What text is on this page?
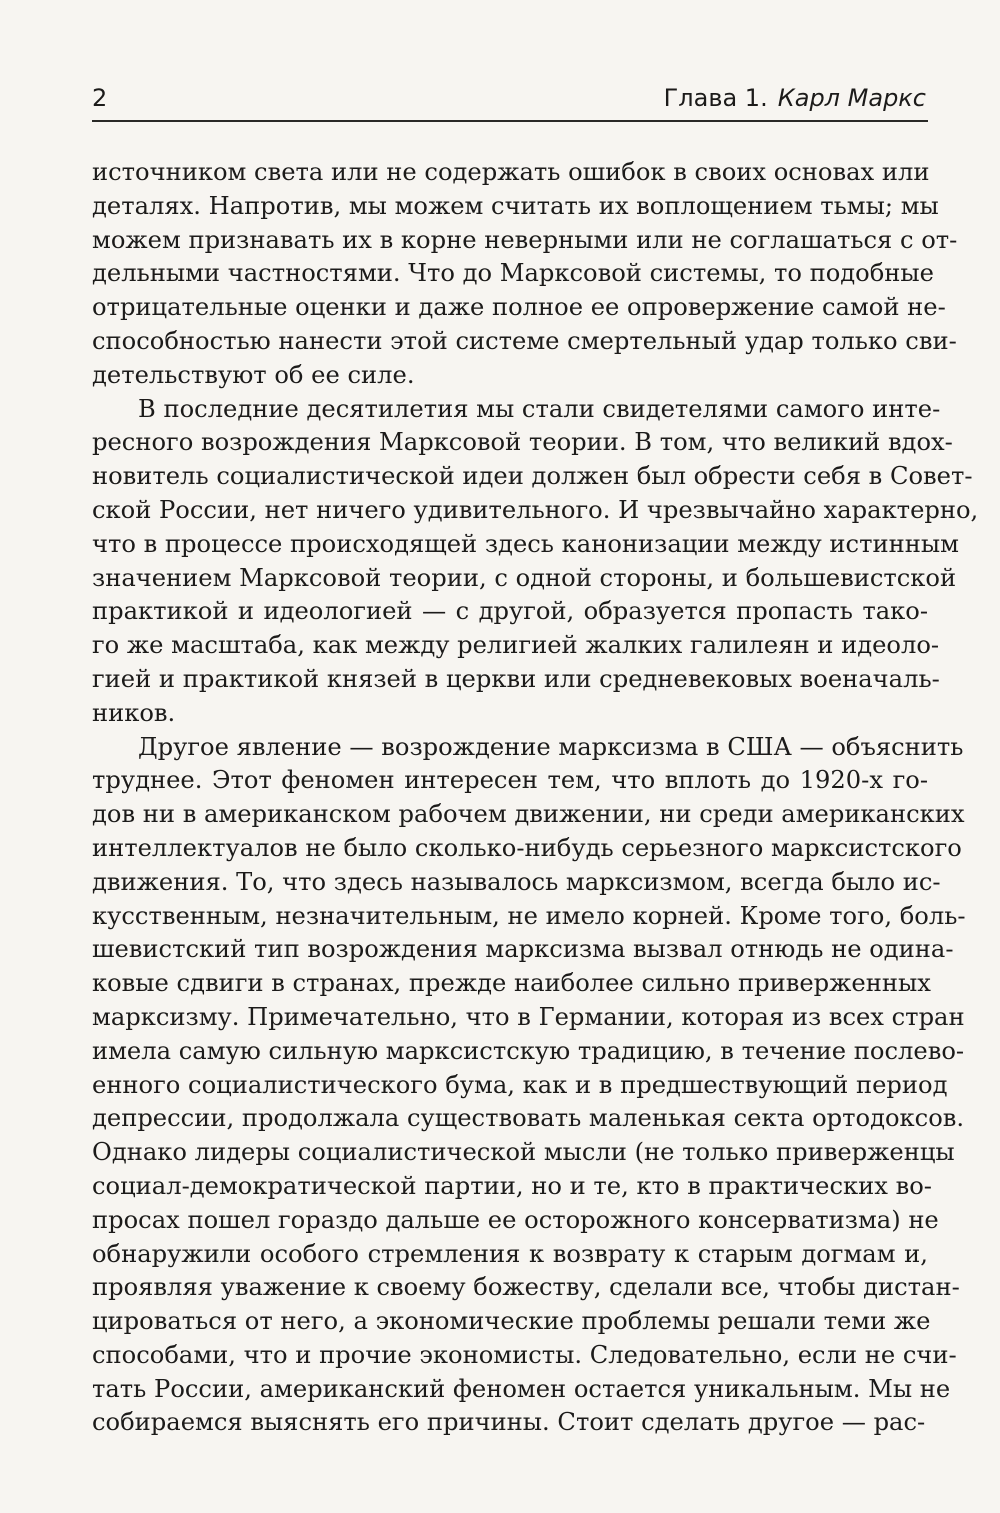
2	Глава 1. Карл Маркс
источником света или не содержать ошибок в своих основах или
деталях. Напротив, мы можем считать их воплощением тьмы; мы
можем признавать их в корне неверными или не соглашаться с от-
дельными частностями. Что до Марксовой системы, то подобные
отрицательные оценки и даже полное ее опровержение самой не-
способностью нанести этой системе смертельный удар только сви-
детельствуют об ее силе.
В последние десятилетия мы стали свидетелями самого инте-
ресного возрождения Марксовой теории. В том, что великий вдох-
новитель социалистической идеи должен был обрести себя в Совет-
ской России, нет ничего удивительного. И чрезвычайно характерно,
что в процессе происходящей здесь канонизации между истинным
значением Марксовой теории, с одной стороны, и большевистской
практикой и идеологией — с другой, образуется пропасть тако-
го же масштаба, как между религией жалких галилеян и идеоло-
гией и практикой князей в церкви или средневековых военачаль-
ников.
Другое явление — возрождение марксизма в США — объяснить
труднее. Этот феномен интересен тем, что вплоть до 1920-х го-
дов ни в американском рабочем движении, ни среди американских
интеллектуалов не было сколько-нибудь серьезного марксистского
движения. То, что здесь называлось марксизмом, всегда было ис-
кусственным, незначительным, не имело корней. Кроме того, боль-
шевистский тип возрождения марксизма вызвал отнюдь не одина-
ковые сдвиги в странах, прежде наиболее сильно приверженных
марксизму. Примечательно, что в Германии, которая из всех стран
имела самую сильную марксистскую традицию, в течение послево-
енного социалистического бума, как и в предшествующий период
депрессии, продолжала существовать маленькая секта ортодоксов.
Однако лидеры социалистической мысли (не только приверженцы
социал-демократической партии, но и те, кто в практических во-
просах пошел гораздо дальше ее осторожного консерватизма) не
обнаружили особого стремления к возврату к старым догмам и,
проявляя уважение к своему божеству, сделали все, чтобы дистан-
цироваться от него, а экономические проблемы решали теми же
способами, что и прочие экономисты. Следовательно, если не счи-
тать России, американский феномен остается уникальным. Мы не
собираемся выяснять его причины. Стоит сделать другое — рас-
